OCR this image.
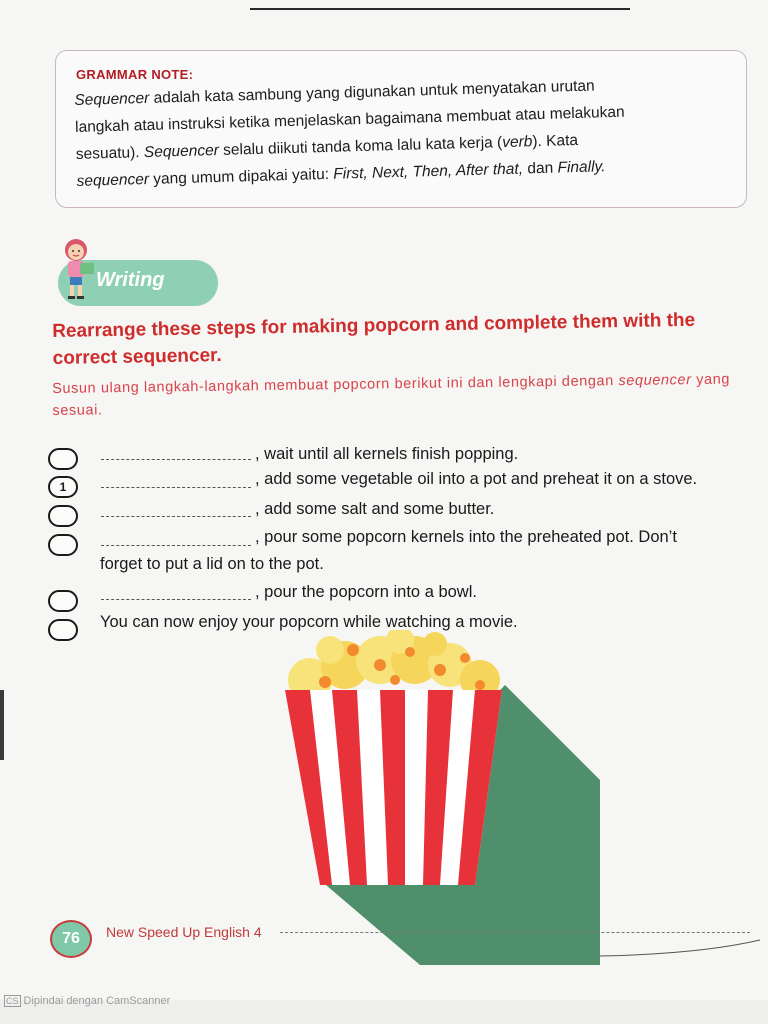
GRAMMAR NOTE:
Sequencer adalah kata sambung yang digunakan untuk menyatakan urutan
langkah atau instruksi ketika menjelaskan bagaimana membuat atau melakukan
sesuatu). Sequencer selalu diikuti tanda koma lalu kata kerja (verb). Kata
sequencer yang umum dipakai yaitu: First, Next, Then, After that, dan Finally.
Writing
Rearrange these steps for making popcorn and complete them with the correct sequencer.
Susun ulang langkah-langkah membuat popcorn berikut ini dan lengkapi dengan sequencer yang sesuai.
, wait until all kernels finish popping.
1	, add some vegetable oil into a pot and preheat it on a stove.
, add some salt and some butter.
, pour some popcorn kernels into the preheated pot. Don’t
forget to put a lid on to the pot.
, pour the popcorn into a bowl.
You can now enjoy your popcorn while watching a movie.
76	New Speed Up English 4
CS Dipindai dengan CamScanner
